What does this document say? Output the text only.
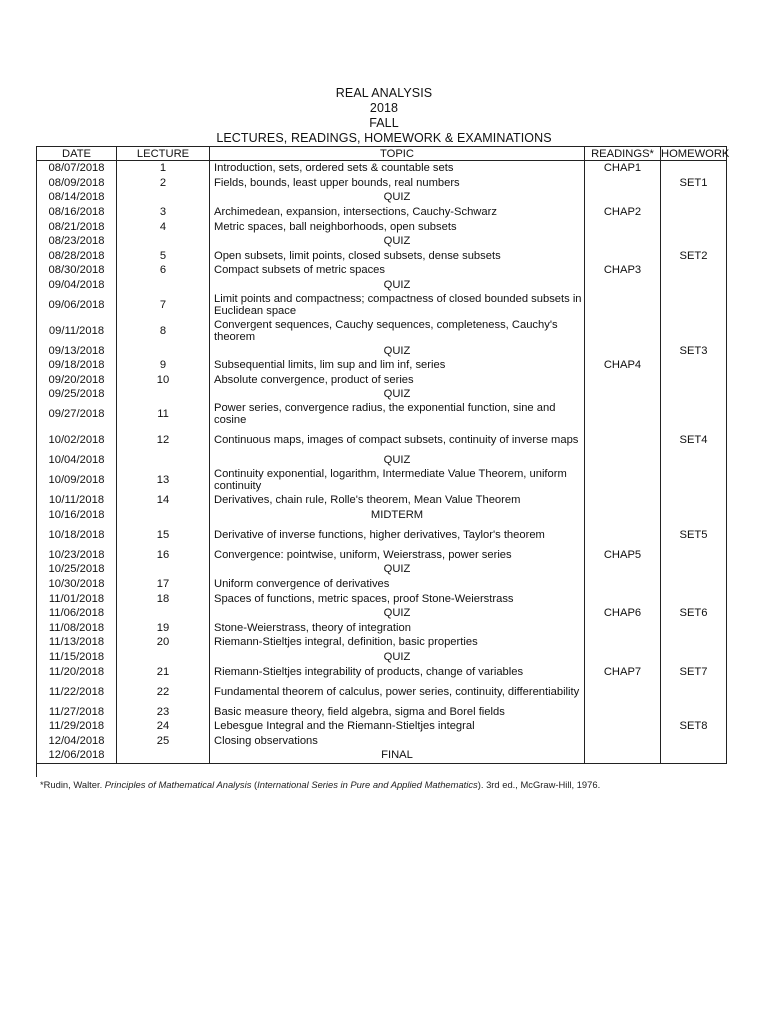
REAL ANALYSIS
2018
FALL
LECTURES, READINGS, HOMEWORK & EXAMINATIONS
DATE	LECTURE	TOPIC	READINGS*	HOMEWORK
08/07/2018	1	Introduction, sets, ordered sets & countable sets	CHAP1	
08/09/2018	2	Fields, bounds, least upper bounds, real numbers		SET1
08/14/2018		QUIZ		
08/16/2018	3	Archimedean, expansion, intersections, Cauchy-Schwarz	CHAP2	
08/21/2018	4	Metric spaces, ball neighborhoods, open subsets		
08/23/2018		QUIZ		
08/28/2018	5	Open subsets, limit points, closed subsets, dense subsets		SET2
08/30/2018	6	Compact subsets of metric spaces	CHAP3	
09/04/2018		QUIZ		
09/06/2018	7	Limit points and compactness; compactness of closed bounded subsets in Euclidean space		
09/11/2018	8	Convergent sequences, Cauchy sequences, completeness, Cauchy's theorem		
09/13/2018		QUIZ		SET3
09/18/2018	9	Subsequential limits, lim sup and lim inf, series	CHAP4	
09/20/2018	10	Absolute convergence, product of series		
09/25/2018		QUIZ		
09/27/2018	11	Power series, convergence radius, the exponential function, sine and cosine		
10/02/2018	12	Continuous maps, images of compact subsets, continuity of inverse maps		SET4
10/04/2018		QUIZ		
10/09/2018	13	Continuity exponential, logarithm, Intermediate Value Theorem, uniform continuity		
10/11/2018	14	Derivatives, chain rule, Rolle's theorem, Mean Value Theorem		
10/16/2018		MIDTERM		
10/18/2018	15	Derivative of inverse functions, higher derivatives, Taylor's theorem		SET5
10/23/2018	16	Convergence: pointwise, uniform, Weierstrass, power series	CHAP5	
10/25/2018		QUIZ		
10/30/2018	17	Uniform convergence of derivatives		
11/01/2018	18	Spaces of functions, metric spaces, proof Stone-Weierstrass		
11/06/2018		QUIZ	CHAP6	SET6
11/08/2018	19	Stone-Weierstrass, theory of integration		
11/13/2018	20	Riemann-Stieltjes integral, definition, basic properties		
11/15/2018		QUIZ		
11/20/2018	21	Riemann-Stieltjes integrability of products, change of variables	CHAP7	SET7
11/22/2018	22	Fundamental theorem of calculus, power series, continuity, differentiability		
11/27/2018	23	Basic measure theory, field algebra, sigma and Borel fields		
11/29/2018	24	Lebesgue Integral and the Riemann-Stieltjes integral		SET8
12/04/2018	25	Closing observations		
12/06/2018		FINAL		
*Rudin, Walter. Principles of Mathematical Analysis (International Series in Pure and Applied Mathematics). 3rd ed., McGraw-Hill, 1976.
